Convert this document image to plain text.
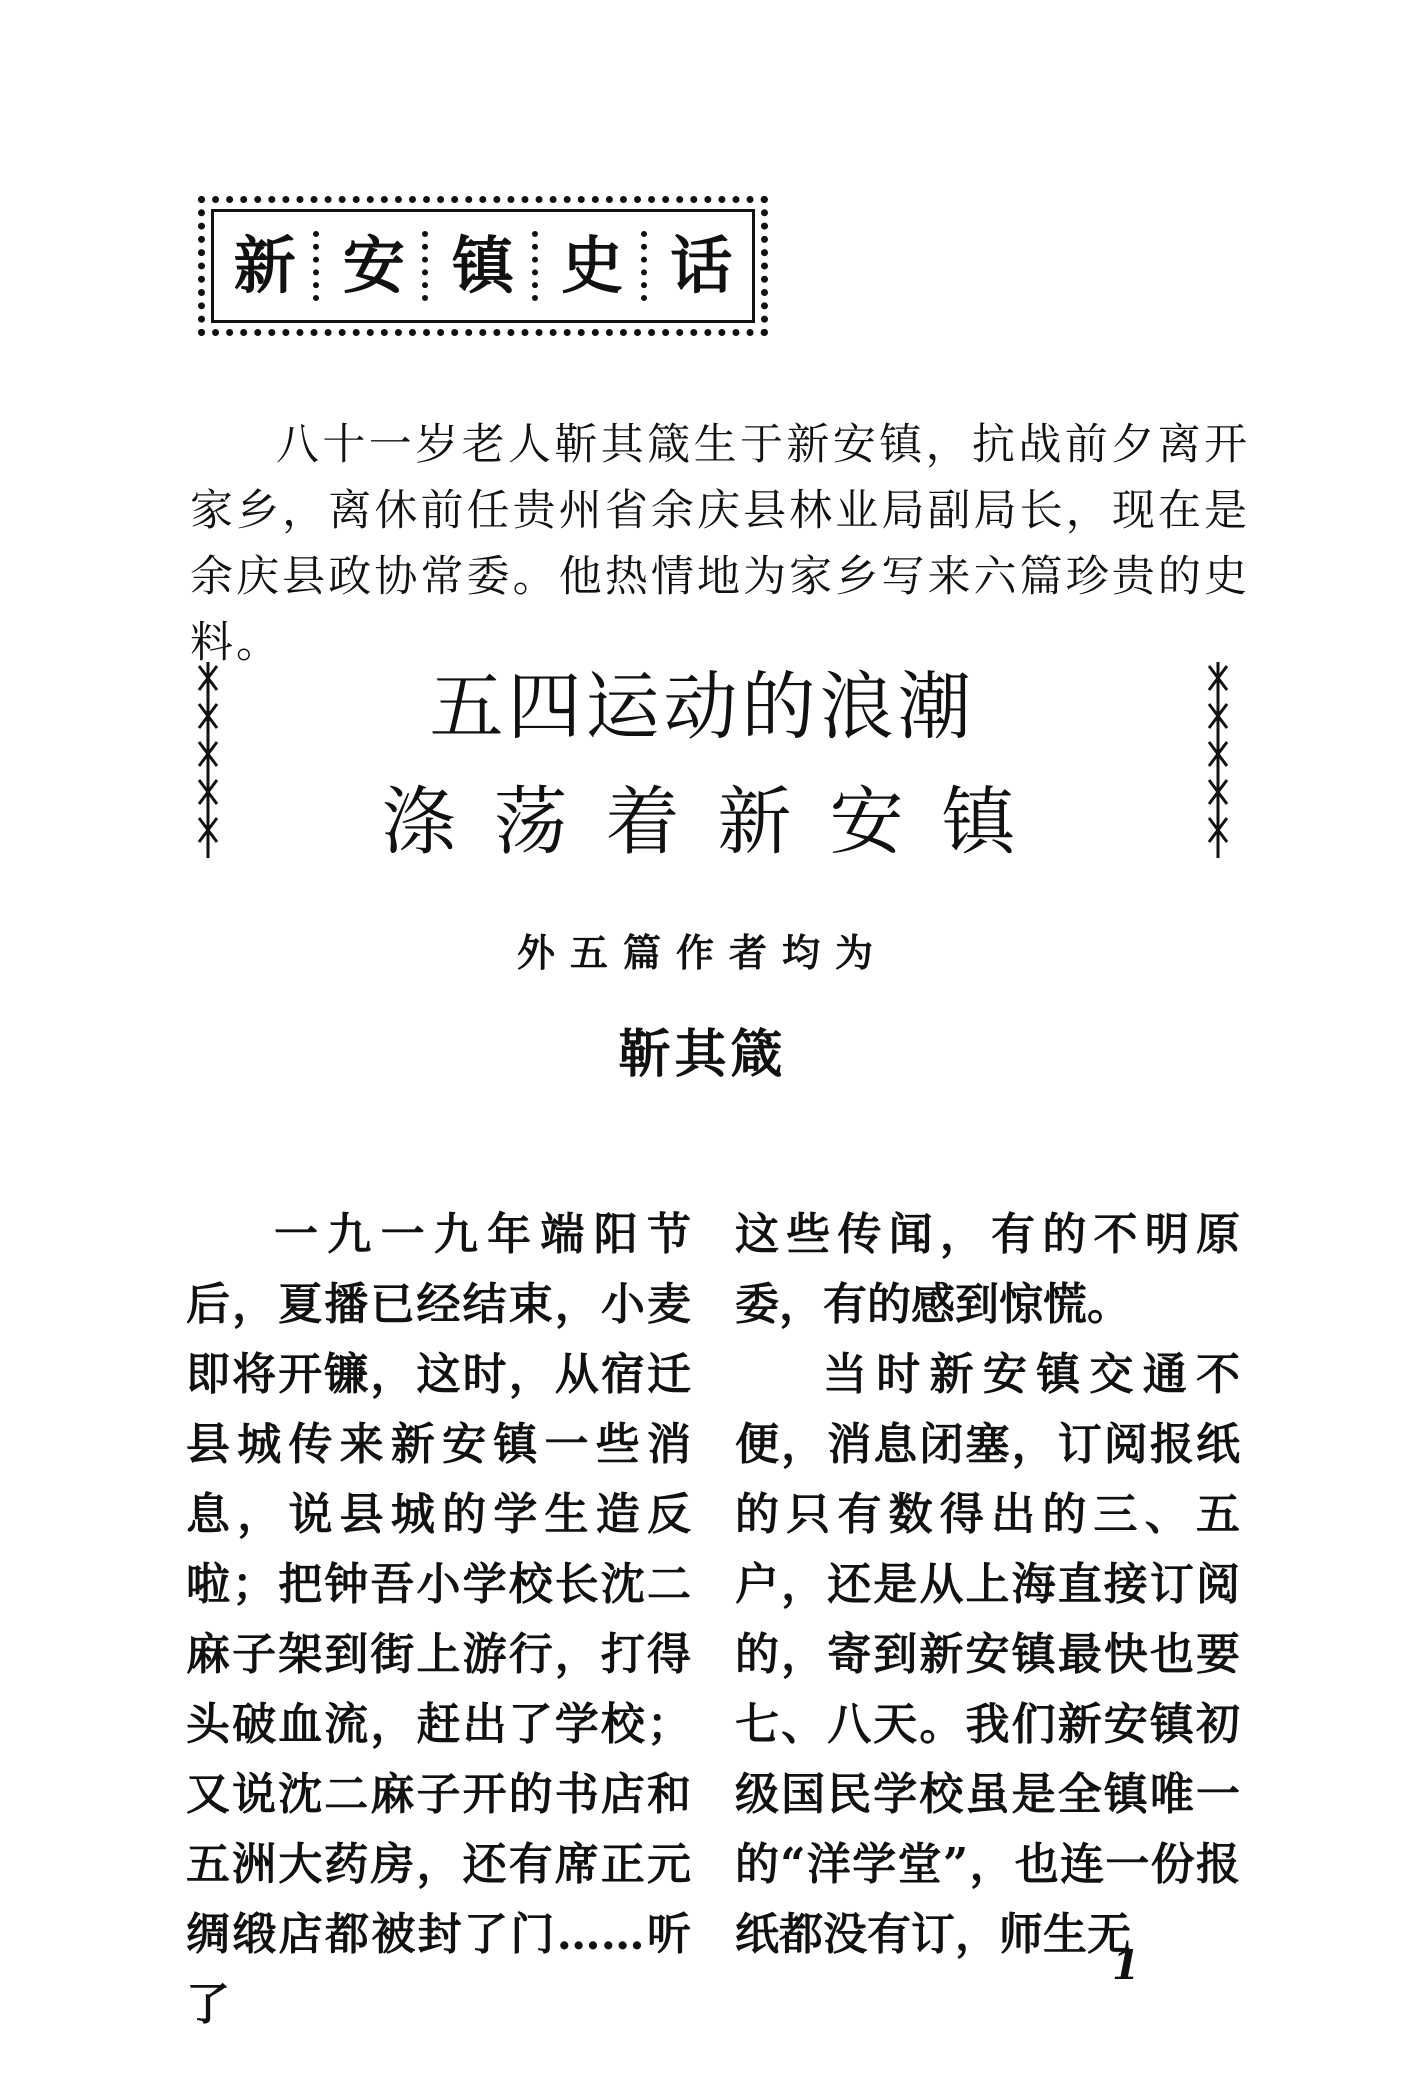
新 安 镇 史 话

八十一岁老人靳其箴生于新安镇，抗战前夕离开家乡，离休前任贵州省余庆县林业局副局长，现在是余庆县政协常委。他热情地为家乡写来六篇珍贵的史料。

五四运动的浪潮
涤荡着新安镇

外五篇作者均为

靳其箴

一九一九年端阳节后，夏播已经结束，小麦即将开镰，这时，从宿迁县城传来新安镇一些消息，说县城的学生造反啦；把钟吾小学校长沈二麻子架到街上游行，打得头破血流，赶出了学校；又说沈二麻子开的书店和五洲大药房，还有席正元绸缎店都被封了门……听了

这些传闻，有的不明原委，有的感到惊慌。

当时新安镇交通不便，消息闭塞，订阅报纸的只有数得出的三、五户，还是从上海直接订阅的，寄到新安镇最快也要七、八天。我们新安镇初级国民学校虽是全镇唯一的“洋学堂”，也连一份报纸都没有订，师生无

1
